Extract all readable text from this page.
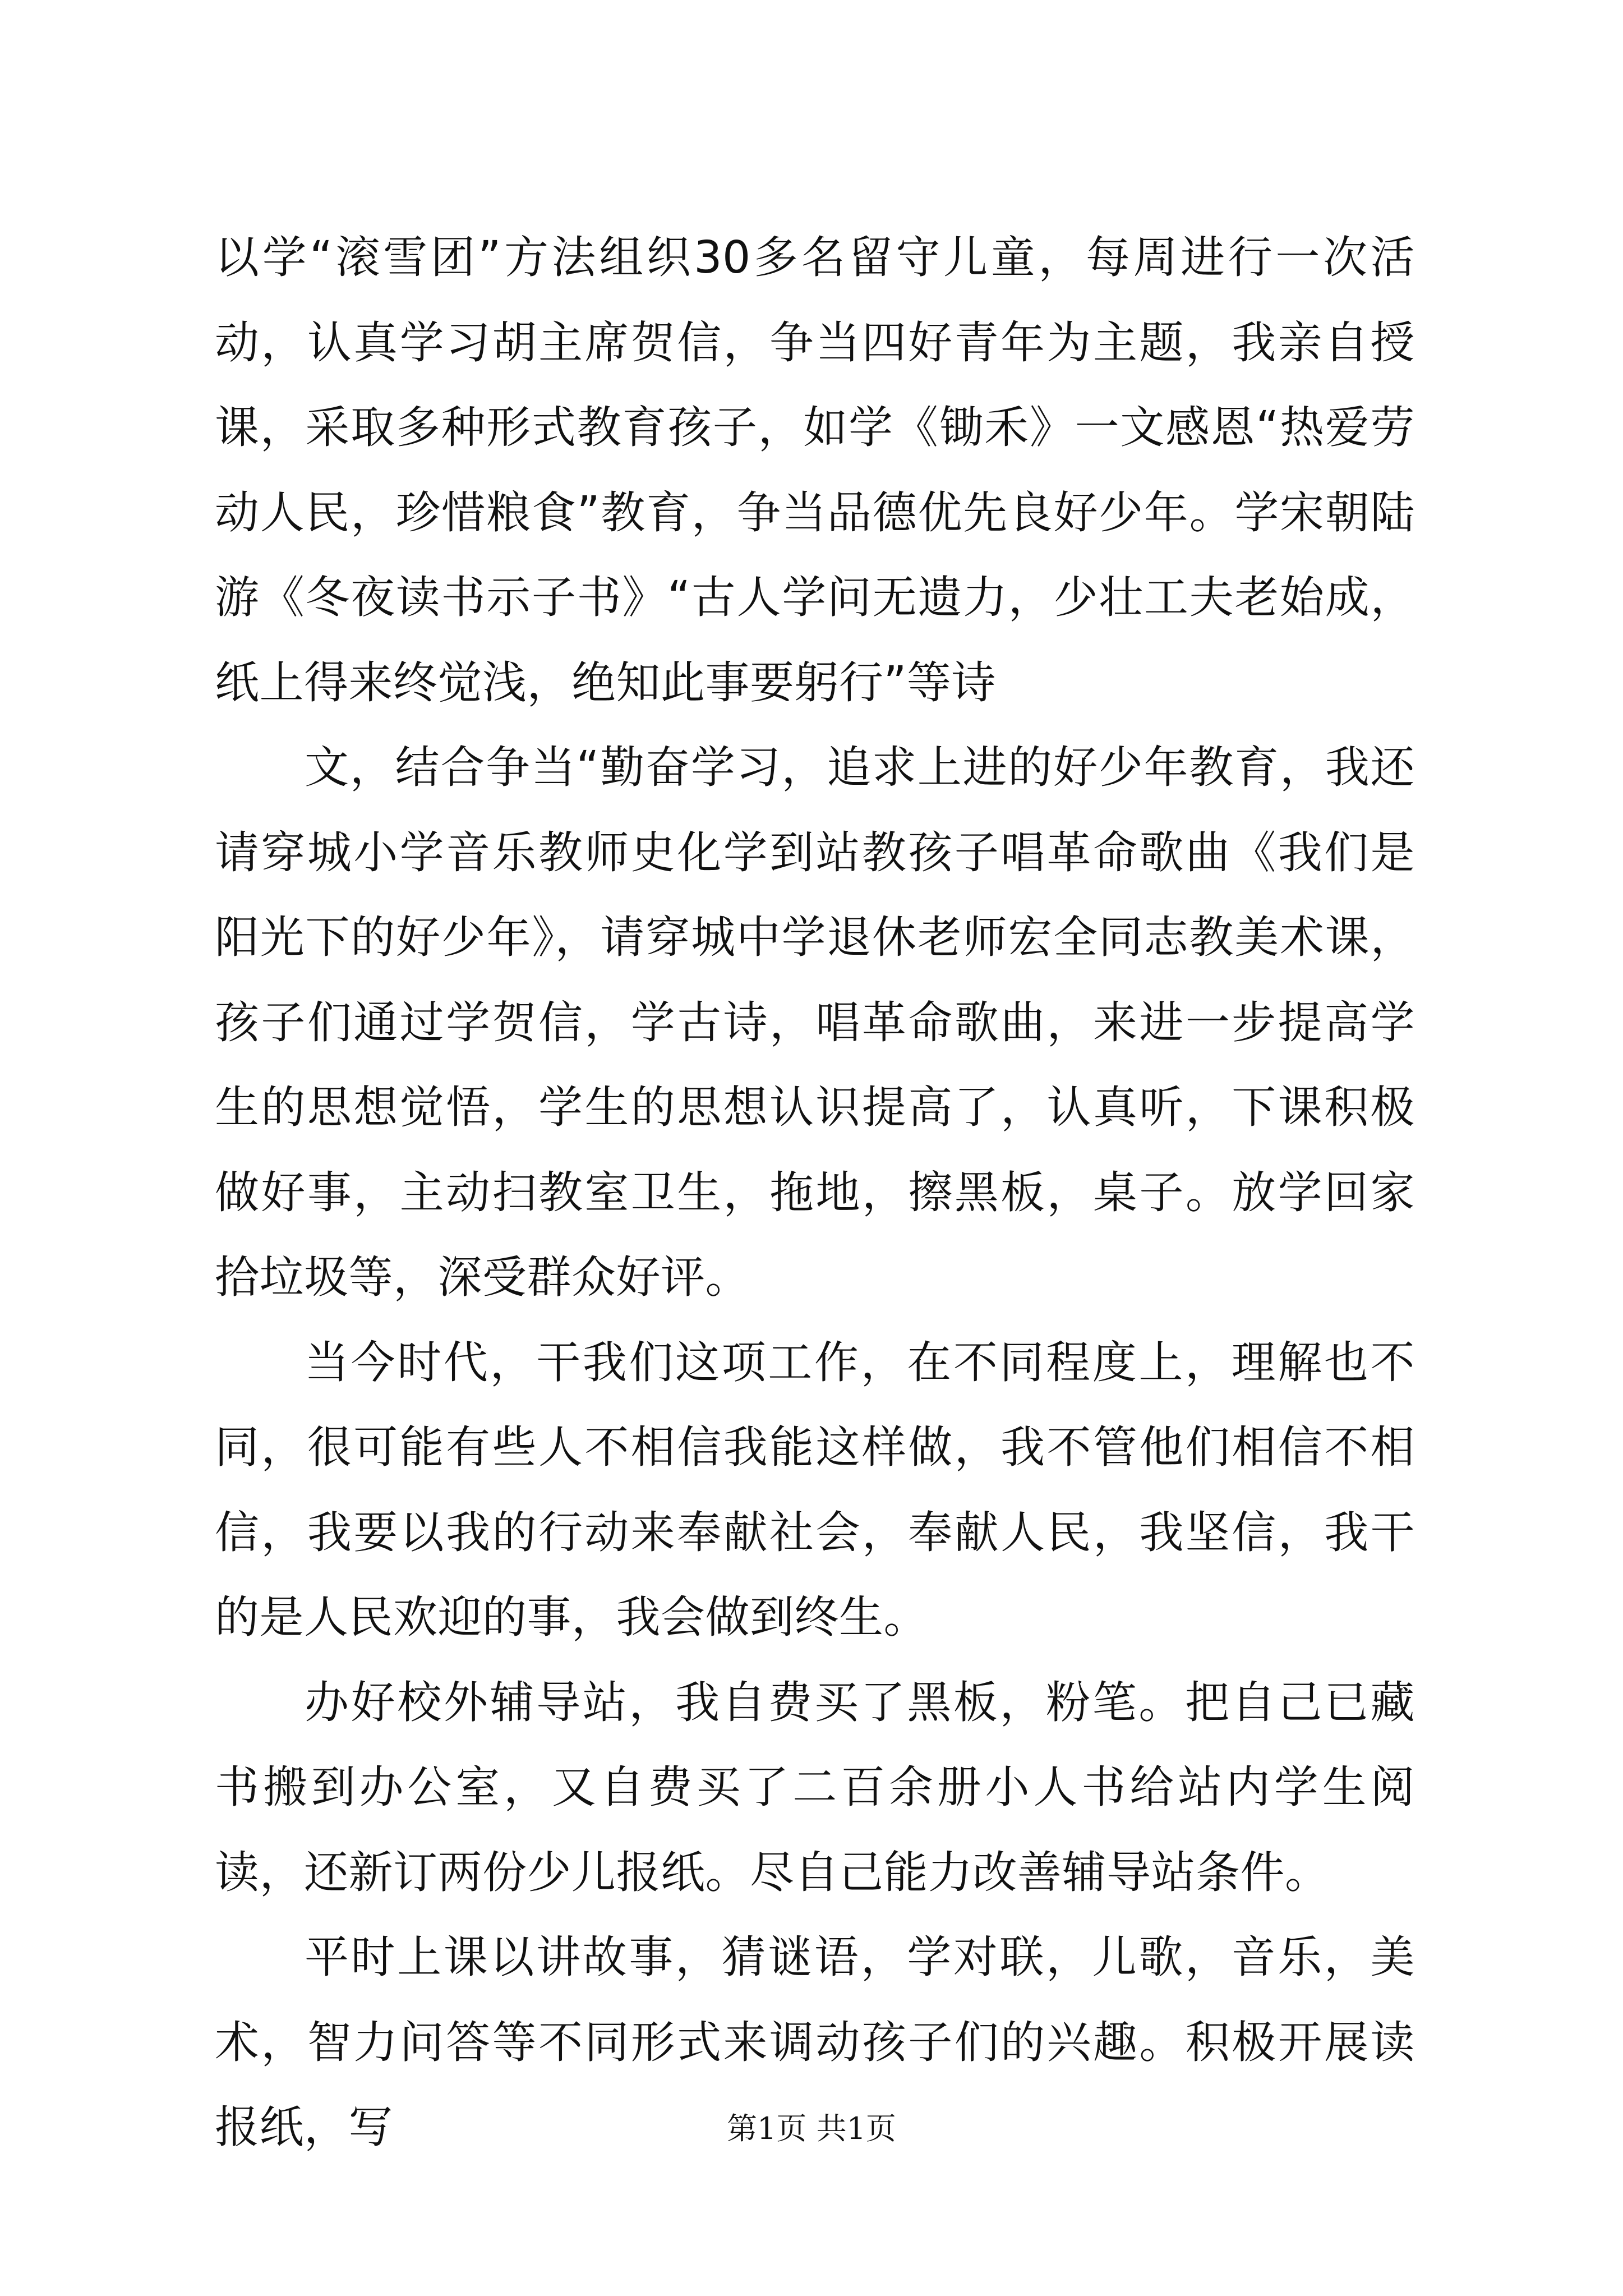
以学“滚雪团”方法组织30多名留守儿童，每周进行一次活动，认真学习胡主席贺信，争当四好青年为主题，我亲自授课，采取多种形式教育孩子，如学《锄禾》一文感恩“热爱劳动人民，珍惜粮食”教育，争当品德优先良好少年。学宋朝陆游《冬夜读书示子书》“古人学问无遗力，少壮工夫老始成，纸上得来终觉浅，绝知此事要躬行”等诗

文，结合争当“勤奋学习，追求上进的好少年教育，我还请穿城小学音乐教师史化学到站教孩子唱革命歌曲《我们是阳光下的好少年》，请穿城中学退休老师宏全同志教美术课，孩子们通过学贺信，学古诗，唱革命歌曲，来进一步提高学生的思想觉悟，学生的思想认识提高了，认真听，下课积极做好事，主动扫教室卫生，拖地，擦黑板，桌子。放学回家拾垃圾等，深受群众好评。

当今时代，干我们这项工作，在不同程度上，理解也不同，很可能有些人不相信我能这样做，我不管他们相信不相信，我要以我的行动来奉献社会，奉献人民，我坚信，我干的是人民欢迎的事，我会做到终生。

办好校外辅导站，我自费买了黑板，粉笔。把自己已藏书搬到办公室，又自费买了二百余册小人书给站内学生阅读，还新订两份少儿报纸。尽自己能力改善辅导站条件。

平时上课以讲故事，猜谜语，学对联，儿歌，音乐，美术，智力问答等不同形式来调动孩子们的兴趣。积极开展读报纸，写	第1页 共1页
